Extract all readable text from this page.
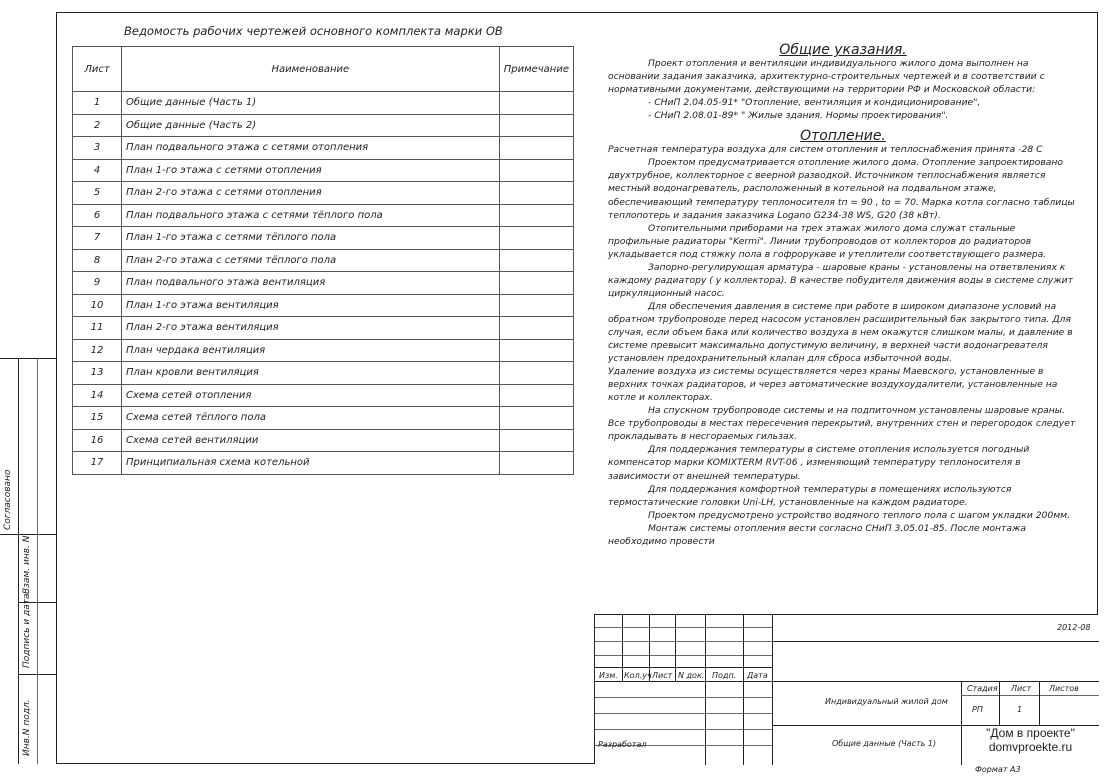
Согласовано
Взам. инв. N
Подпись и дата
Инв.N подл.
Ведомость рабочих чертежей основного комплекта марки ОВ
Лист	Наименование	Примечание
1	Общие данные (Часть 1)	
2	Общие данные (Часть 2)	
3	План подвального этажа с сетями отопления	
4	План 1-го этажа с сетями отопления	
5	План 2-го этажа с сетями отопления	
6	План подвального этажа с сетями тёплого пола	
7	План 1-го этажа с сетями тёплого пола	
8	План 2-го этажа с сетями тёплого пола	
9	План подвального этажа вентиляция	
10	План 1-го этажа вентиляция	
11	План 2-го этажа вентиляция	
12	План чердака вентиляция	
13	План кровли вентиляция	
14	Схема сетей отопления	
15	Схема сетей тёплого пола	
16	Схема сетей вентиляции	
17	Принципиальная схема котельной	

Общие указания.

Проект отопления и вентиляции индивидуального жилого дома выполнен на основании задания заказчика, архитектурно-строительных чертежей и в соответствии с нормативными документами, действующими на территории РФ и Московской области:

- СНиП 2.04.05-91* "Отопление, вентиляция и кондиционирование",

- СНиП 2.08.01-89* " Жилые здания. Нормы проектирования".

Отопление.

Расчетная температура воздуха для систем отопления и теплоснабжения принята -28 С

Проектом предусматривается отопление жилого дома. Отопление запроектировано двухтрубное, коллекторное с веерной разводкой. Источником теплоснабжения является местный водонагреватель, расположенный в котельной на подвальном этаже, обеспечивающий температуру теплоносителя tп = 90 , tо = 70. Марка котла согласно таблицы теплопотерь и задания заказчика Logano G234-38 WS, G20 (38 кВт).

Отопительными приборами на трех этажах жилого дома служат стальные профильные радиаторы "Kermi". Линии трубопроводов от коллекторов до радиаторов укладывается под стяжку пола в гофрорукаве и утеплители соответствующего размера.

Запорно-регулирующая арматура - шаровые краны - установлены на ответвлениях к каждому радиатору ( у коллектора). В качестве побудителя движения воды в системе служит циркуляционный насос.

Для обеспечения давления в системе при работе в широком диапазоне условий на обратном трубопроводе перед насосом установлен расширительный бак закрытого типа. Для случая, если объем бака или количество воздуха в нем окажутся слишком малы, и давление в системе превысит максимально допустимую величину, в верхней части водонагревателя установлен предохранительный клапан для сброса избыточной воды.

Удаление воздуха из системы осуществляется через краны Маевского, установленные в верхних точках радиаторов, и через автоматические воздухоудалители, установленные на котле и коллекторах.

На спускном трубопроводе системы и на подпиточном установлены шаровые краны.

Все трубопроводы в местах пересечения перекрытий, внутренних стен и перегородок следует прокладывать в несгораемых гильзах.

Для поддержания температуры в системе отопления используется погодный компенсатор марки KOMIXTERM RVT-06 , изменяющий температуру теплоносителя в зависимости от внешней температуры.

Для поддержания комфортной температуры в помещениях используются термостатические головки Uni-LH, установленные на каждом радиаторе.

Проектом предусмотрено устройство водяного теплого пола с шагом укладки 200мм.

Монтаж системы отопления вести согласно СНиП 3.05.01-85. После монтажа необходимо провести

2012-08
Изм. Кол.уч Лист N док. Подп. Дата
Разработал
Индивидуальный жилой дом
Общие данные (Часть 1)
Стадия Лист Листов
РП	1
"Дом в проекте"
domvproekte.ru
Формат А3
